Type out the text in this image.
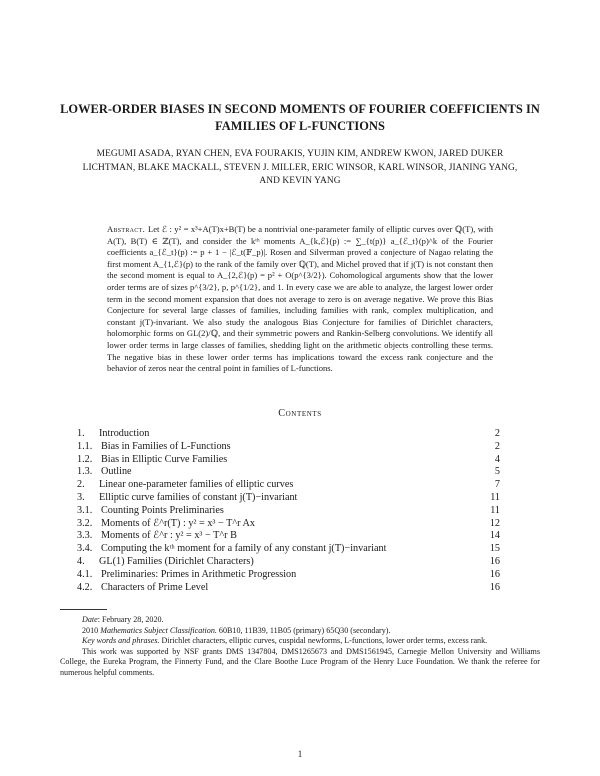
LOWER-ORDER BIASES IN SECOND MOMENTS OF FOURIER COEFFICIENTS IN
FAMILIES OF L-FUNCTIONS
MEGUMI ASADA, RYAN CHEN, EVA FOURAKIS, YUJIN KIM, ANDREW KWON, JARED DUKER
LICHTMAN, BLAKE MACKALL, STEVEN J. MILLER, ERIC WINSOR, KARL WINSOR, JIANING YANG,
AND KEVIN YANG

Abstract. Let ℰ : y² = x³+A(T)x+B(T) be a nontrivial one-parameter family of elliptic curves over ℚ(T), with A(T), B(T) ∈ ℤ(T), and consider the kᵗʰ moments A_{k,ℰ}(p) := ∑_{t(p)} a_{ℰ_t}(p)^k of the Fourier coefficients a_{ℰ_t}(p) := p + 1 − |ℰ_t(𝔽_p)|. Rosen and Silverman proved a conjecture of Nagao relating the first moment A_{1,ℰ}(p) to the rank of the family over ℚ(T), and Michel proved that if j(T) is not constant then the second moment is equal to A_{2,ℰ}(p) = p² + O(p^{3/2}). Cohomological arguments show that the lower order terms are of sizes p^{3/2}, p, p^{1/2}, and 1. In every case we are able to analyze, the largest lower order term in the second moment expansion that does not average to zero is on average negative. We prove this Bias Conjecture for several large classes of families, including families with rank, complex multiplication, and constant j(T)-invariant. We also study the analogous Bias Conjecture for families of Dirichlet characters, holomorphic forms on GL(2)/ℚ, and their symmetric powers and Rankin-Selberg convolutions. We identify all lower order terms in large classes of families, shedding light on the arithmetic objects controlling these terms. The negative bias in these lower order terms has implications toward the excess rank conjecture and the behavior of zeros near the central point in families of L-functions.

Contents
1. Introduction	2
1.1. Bias in Families of L-Functions	2
1.2. Bias in Elliptic Curve Families	4
1.3. Outline	5
2. Linear one-parameter families of elliptic curves	7
3. Elliptic curve families of constant j(T)−invariant	11
3.1. Counting Points Preliminaries	11
3.2. Moments of ℰ^r(T) : y² = x³ − T^r Ax	12
3.3. Moments of ℰ^r : y² = x³ − T^r B	14
3.4. Computing the kᵗʰ moment for a family of any constant j(T)−invariant	15
4. GL(1) Families (Dirichlet Characters)	16
4.1. Preliminaries: Primes in Arithmetic Progression	16
4.2. Characters of Prime Level	16

Date: February 28, 2020.

2010 Mathematics Subject Classification. 60B10, 11B39, 11B05 (primary) 65Q30 (secondary).

Key words and phrases. Dirichlet characters, elliptic curves, cuspidal newforms, L-functions, lower order terms, excess rank.

This work was supported by NSF grants DMS 1347804, DMS1265673 and DMS1561945, Carnegie Mellon University and Williams College, the Eureka Program, the Finnerty Fund, and the Clare Boothe Luce Program of the Henry Luce Foundation. We thank the referee for numerous helpful comments.

1
